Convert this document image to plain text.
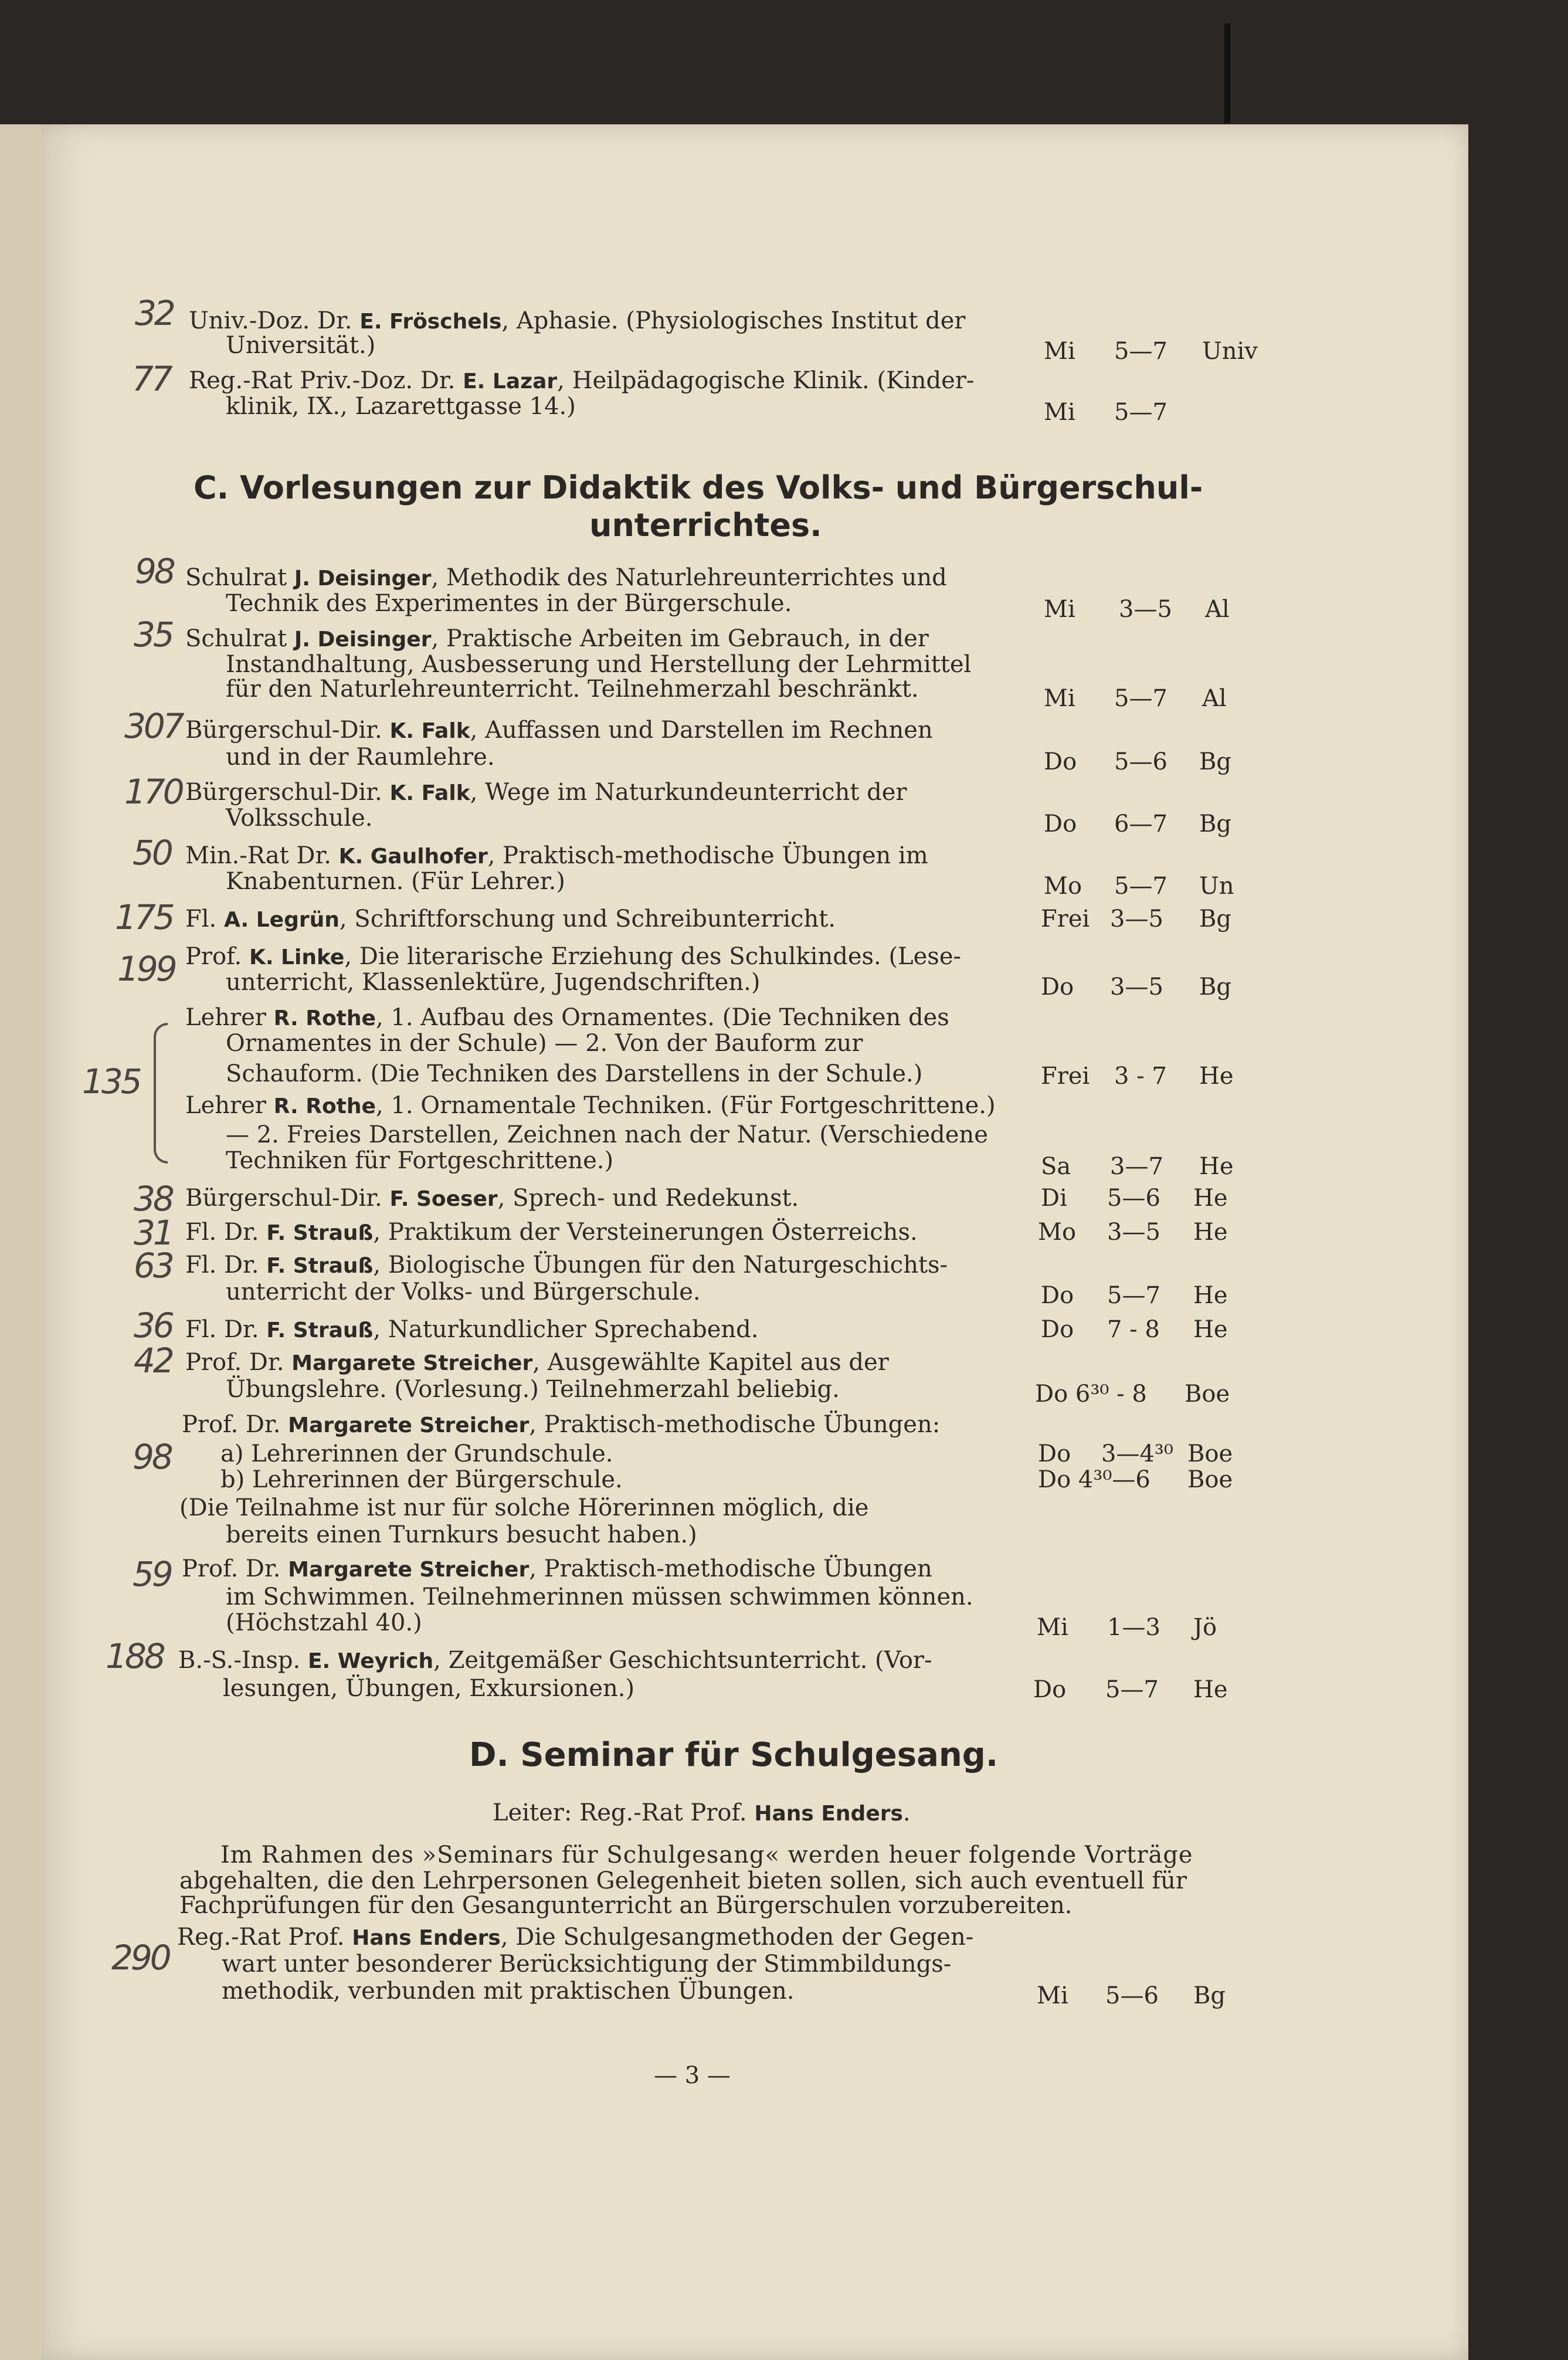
32 Univ.-Doz. Dr. E. Fröschels, Aphasie. (Physiologisches Institut der
Universität.)	Mi 5—7 Univ
77 Reg.-Rat Priv.-Doz. Dr. E. Lazar, Heilpädagogische Klinik. (Kinder-
klinik, IX., Lazarettgasse 14.)	Mi 5—7
C. Vorlesungen zur Didaktik des Volks- und Bürgerschul-
unterrichtes.
98 Schulrat J. Deisinger, Methodik des Naturlehreunterrichtes und
Technik des Experimentes in der Bürgerschule.	Mi 3—5 Al
35 Schulrat J. Deisinger, Praktische Arbeiten im Gebrauch, in der
Instandhaltung, Ausbesserung und Herstellung der Lehrmittel
für den Naturlehreunterricht. Teilnehmerzahl beschränkt.	Mi 5—7 Al
307 Bürgerschul-Dir. K. Falk, Auffassen und Darstellen im Rechnen
und in der Raumlehre.	Do 5—6 Bg
170 Bürgerschul-Dir. K. Falk, Wege im Naturkundeunterricht der
Volksschule.	Do 6—7 Bg
50 Min.-Rat Dr. K. Gaulhofer, Praktisch-methodische Übungen im
Knabenturnen. (Für Lehrer.)	Mo 5—7 Un
175 Fl. A. Legrün, Schriftforschung und Schreibunterricht.	Frei 3—5 Bg
199 Prof. K. Linke, Die literarische Erziehung des Schulkindes. (Lese-
unterricht, Klassenlektüre, Jugendschriften.)	Do 3—5 Bg
135
Lehrer R. Rothe, 1. Aufbau des Ornamentes. (Die Techniken des
Ornamentes in der Schule) — 2. Von der Bauform zur
Schauform. (Die Techniken des Darstellens in der Schule.)	Frei 3 - 7 He
Lehrer R. Rothe, 1. Ornamentale Techniken. (Für Fortgeschrittene.)
— 2. Freies Darstellen, Zeichnen nach der Natur. (Verschiedene
Techniken für Fortgeschrittene.)	Sa 3—7 He
38 Bürgerschul-Dir. F. Soeser, Sprech- und Redekunst.	Di 5—6 He
31 Fl. Dr. F. Strauß, Praktikum der Versteinerungen Österreichs.	Mo 3—5 He
63 Fl. Dr. F. Strauß, Biologische Übungen für den Naturgeschichts-
unterricht der Volks- und Bürgerschule.	Do 5—7 He
36 Fl. Dr. F. Strauß, Naturkundlicher Sprechabend.	Do 7 - 8 He
42 Prof. Dr. Margarete Streicher, Ausgewählte Kapitel aus der
Übungslehre. (Vorlesung.) Teilnehmerzahl beliebig.	Do 6³⁰ - 8 Boe
98
Prof. Dr. Margarete Streicher, Praktisch-methodische Übungen:
a) Lehrerinnen der Grundschule.	Do 3—4³⁰ Boe
b) Lehrerinnen der Bürgerschule.	Do 4³⁰—6 Boe
(Die Teilnahme ist nur für solche Hörerinnen möglich, die
bereits einen Turnkurs besucht haben.)
59 Prof. Dr. Margarete Streicher, Praktisch-methodische Übungen
im Schwimmen. Teilnehmerinnen müssen schwimmen können.
(Höchstzahl 40.)	Mi 1—3 Jö
188 B.-S.-Insp. E. Weyrich, Zeitgemäßer Geschichtsunterricht. (Vor-
lesungen, Übungen, Exkursionen.)	Do 5—7 He
D. Seminar für Schulgesang.
Leiter: Reg.-Rat Prof. Hans Enders.
Im Rahmen des »Seminars für Schulgesang« werden heuer folgende Vorträge
abgehalten, die den Lehrpersonen Gelegenheit bieten sollen, sich auch eventuell für
Fachprüfungen für den Gesangunterricht an Bürgerschulen vorzubereiten.
290
Reg.-Rat Prof. Hans Enders, Die Schulgesangmethoden der Gegen-
wart unter besonderer Berücksichtigung der Stimmbildungs-
methodik, verbunden mit praktischen Übungen.	Mi 5—6 Bg
— 3 —
